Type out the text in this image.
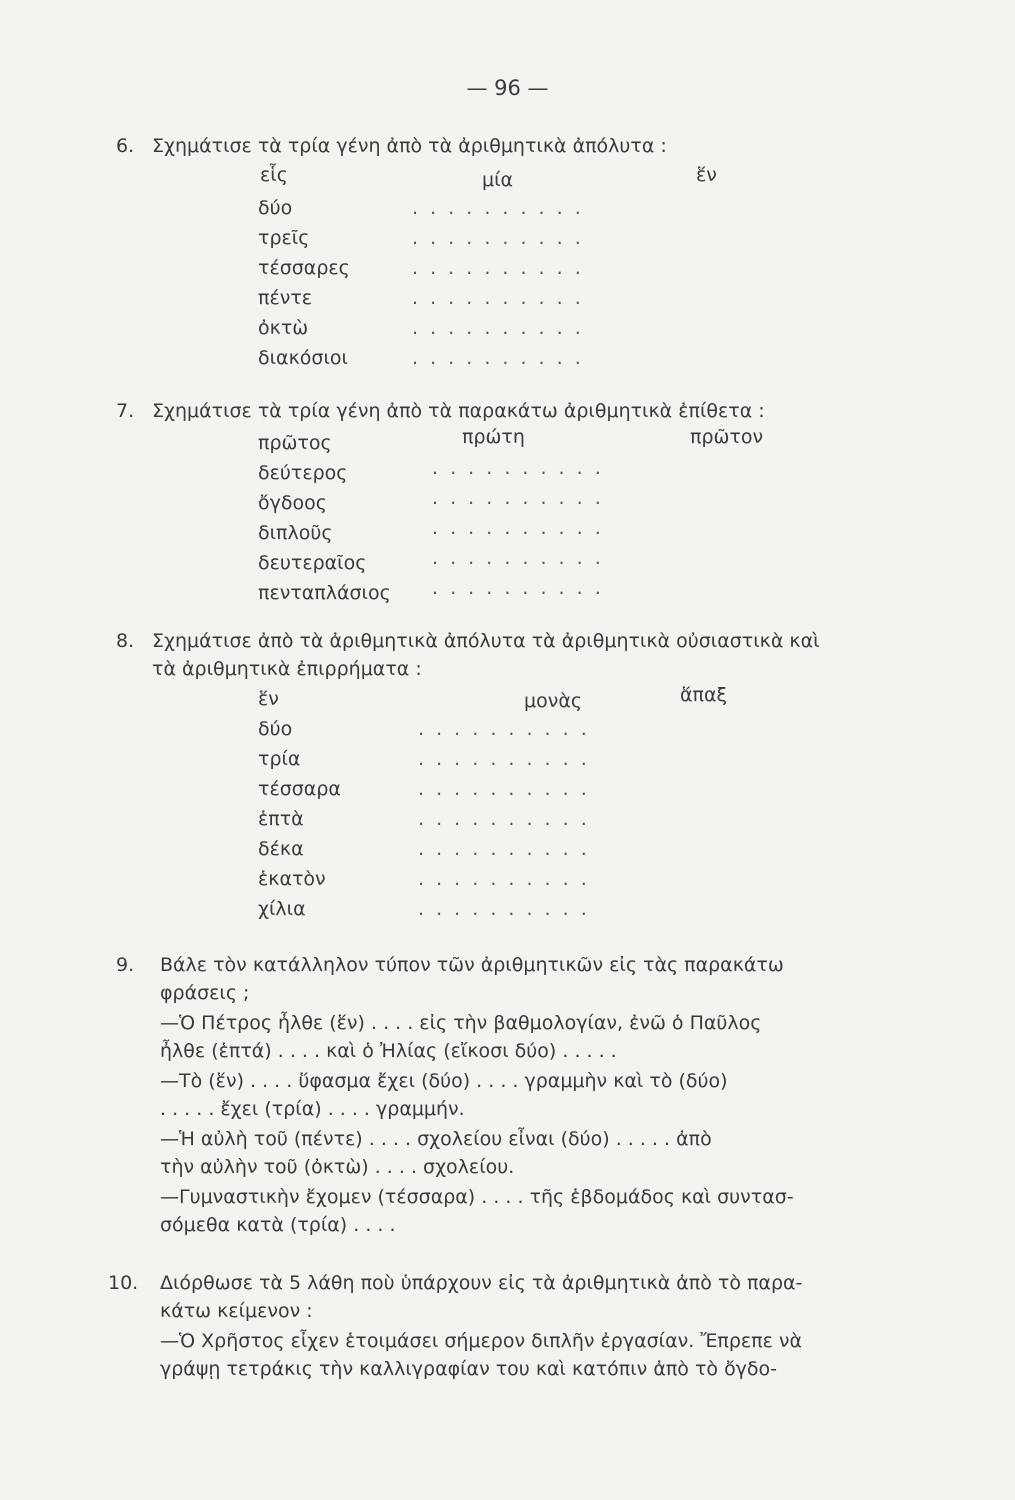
— 96 —
6. Σχημάτισε τὰ τρία γένη ἀπὸ τὰ ἀριθμητικὰ ἀπόλυτα :
εἷς	μία	ἕν
δύο	. . . . . . . . . .
τρεῖς	. . . . . . . . . .
τέσσαρες	. . . . . . . . . .
πέντε	. . . . . . . . . .
ὀκτὼ	. . . . . . . . . .
διακόσιοι	. . . . . . . . . .
7. Σχημάτισε τὰ τρία γένη ἀπὸ τὰ παρακάτω ἀριθμητικὰ ἐπίθετα :
πρῶτος	πρώτη	πρῶτον
δεύτερος	. . . . . . . . . .
ὄγδοος	. . . . . . . . . .
διπλοῦς	. . . . . . . . . .
δευτεραῖος	. . . . . . . . . .
πενταπλάσιος . . . . . . . . . .
8. Σχημάτισε ἀπὸ τὰ ἀριθμητικὰ ἀπόλυτα τὰ ἀριθμητικὰ οὐσιαστικὰ καὶ
τὰ ἀριθμητικὰ ἐπιρρήματα :
ἕν	μονὰς	ἅπαξ
δύο	. . . . . . . . . .
τρία	. . . . . . . . . .
τέσσαρα	. . . . . . . . . .
ἑπτὰ	. . . . . . . . . .
δέκα	. . . . . . . . . .
ἑκατὸν	. . . . . . . . . .
χίλια	. . . . . . . . . .
9. Βάλε τὸν κατάλληλον τύπον τῶν ἀριθμητικῶν εἰς τὰς παρακάτω
φράσεις ;
—Ὁ Πέτρος ἦλθε (ἕν) . . . . εἰς τὴν βαθμολογίαν, ἐνῶ ὁ Παῦλος
ἦλθε (ἑπτά) . . . . καὶ ὁ Ἠλίας (εἴκοσι δύο) . . . . .
—Τὸ (ἕν) . . . . ὕφασμα ἔχει (δύο) . . . . γραμμὴν καὶ τὸ (δύο)
. . . . . ἔχει (τρία) . . . . γραμμήν.
—Ἡ αὐλὴ τοῦ (πέντε) . . . . σχολείου εἶναι (δύο) . . . . . ἀπὸ
τὴν αὐλὴν τοῦ (ὀκτὼ) . . . . σχολείου.
—Γυμναστικὴν ἔχομεν (τέσσαρα) . . . . τῆς ἑβδομάδος καὶ συντασ-
σόμεθα κατὰ (τρία) . . . .
10. Διόρθωσε τὰ 5 λάθη ποὺ ὑπάρχουν εἰς τὰ ἀριθμητικὰ ἀπὸ τὸ παρα-
κάτω κείμενον :
—Ὁ Χρῆστος εἶχεν ἑτοιμάσει σήμερον διπλῆν ἐργασίαν. Ἔπρεπε νὰ
γράψῃ τετράκις τὴν καλλιγραφίαν του καὶ κατόπιν ἀπὸ τὸ ὄγδο-
